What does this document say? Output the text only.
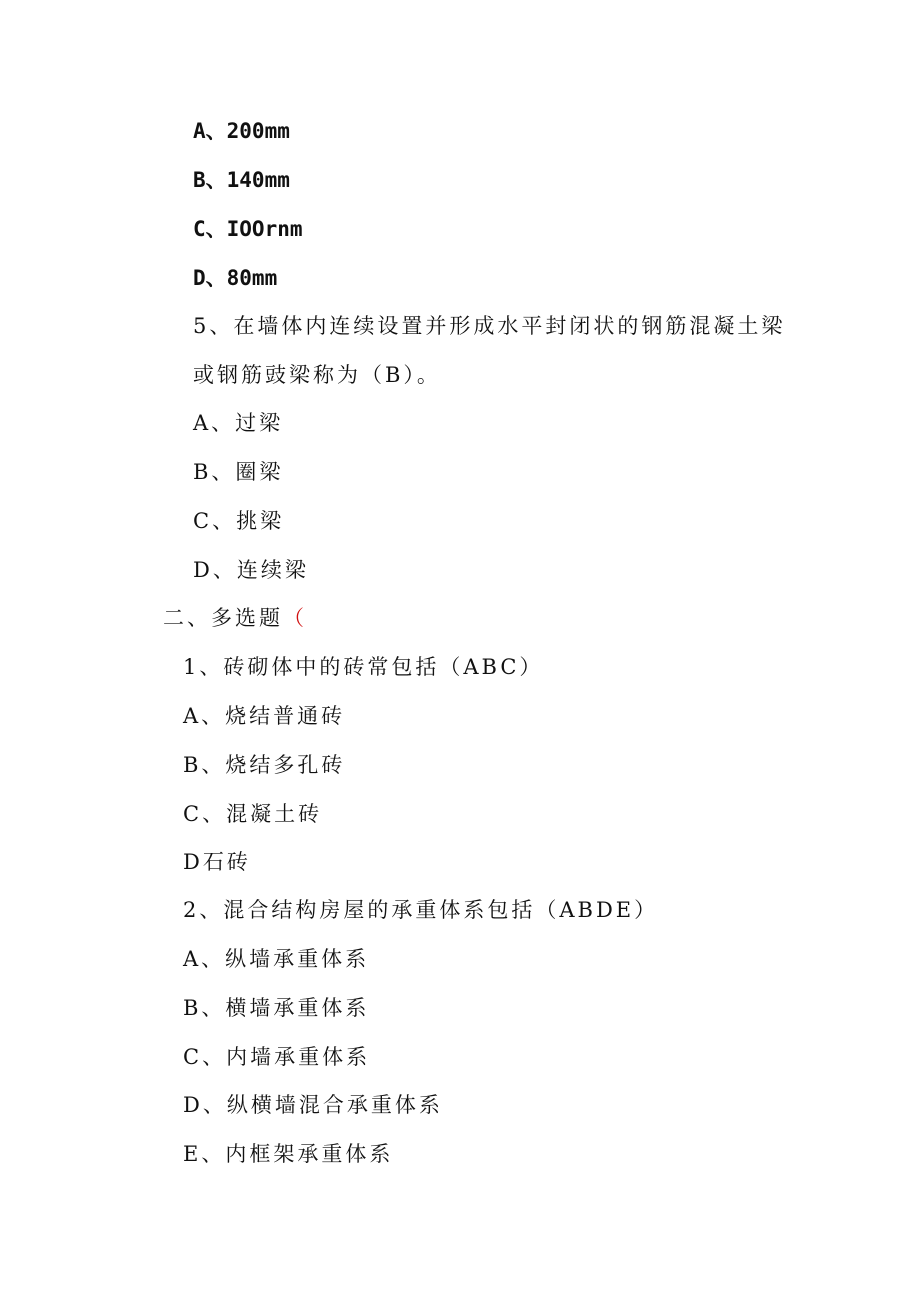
A、200mm
B、140mm
C、IOOrnm
D、80mm
5、在墙体内连续设置并形成水平封闭状的钢筋混凝土梁
或钢筋豉梁称为（B）。
A、过梁
B、圈梁
C、挑梁
D、连续梁
二、多选题（
1、砖砌体中的砖常包括（ABC）
A、烧结普通砖
B、烧结多孔砖
C、混凝土砖
D石砖
2、混合结构房屋的承重体系包括（ABDE）
A、纵墙承重体系
B、横墙承重体系
C、内墙承重体系
D、纵横墙混合承重体系
E、内框架承重体系
